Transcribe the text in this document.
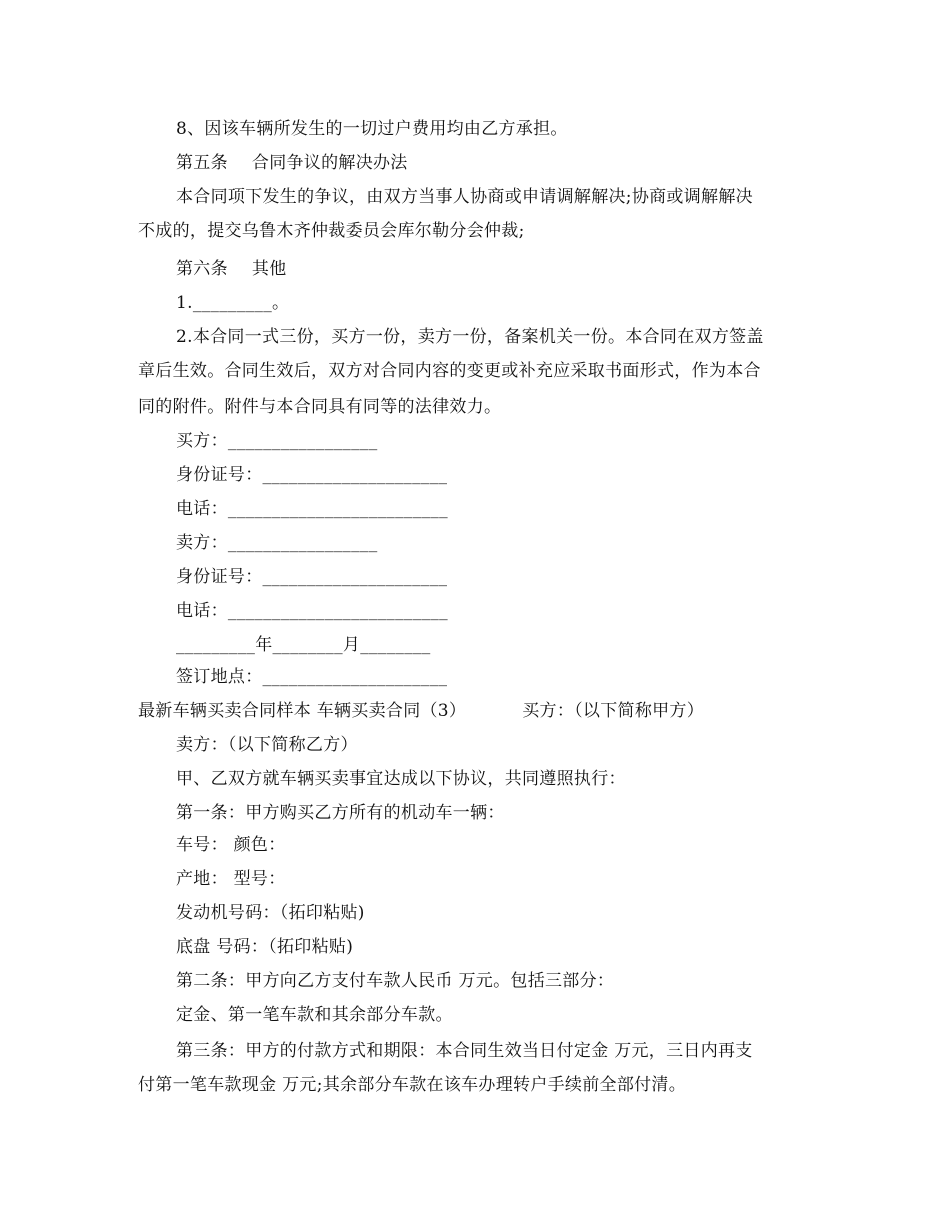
8、因该车辆所发生的一切过户费用均由乙方承担。
第五条 合同争议的解决办法
本合同项下发生的争议，由双方当事人协商或申请调解解决;协商或调解解决
不成的，提交乌鲁木齐仲裁委员会库尔勒分会仲裁;
第六条 其他
1._________。
2.本合同一式三份，买方一份，卖方一份，备案机关一份。本合同在双方签盖
章后生效。合同生效后，双方对合同内容的变更或补充应采取书面形式，作为本合
同的附件。附件与本合同具有同等的法律效力。
买方：_________________
身份证号：_____________________
电话：_________________________
卖方：_________________
身份证号：_____________________
电话：_________________________
_________年________月________
签订地点：_____________________
最新车辆买卖合同样本 车辆买卖合同（3）	买方：（以下简称甲方）
卖方：（以下简称乙方）
甲、乙双方就车辆买卖事宜达成以下协议，共同遵照执行：
第一条：甲方购买乙方所有的机动车一辆：
车号： 颜色：
产地： 型号：
发动机号码：（拓印粘贴)
底盘 号码：（拓印粘贴)
第二条：甲方向乙方支付车款人民币 万元。包括三部分：
定金、第一笔车款和其余部分车款。
第三条：甲方的付款方式和期限：本合同生效当日付定金 万元，三日内再支
付第一笔车款现金 万元;其余部分车款在该车办理转户手续前全部付清。
